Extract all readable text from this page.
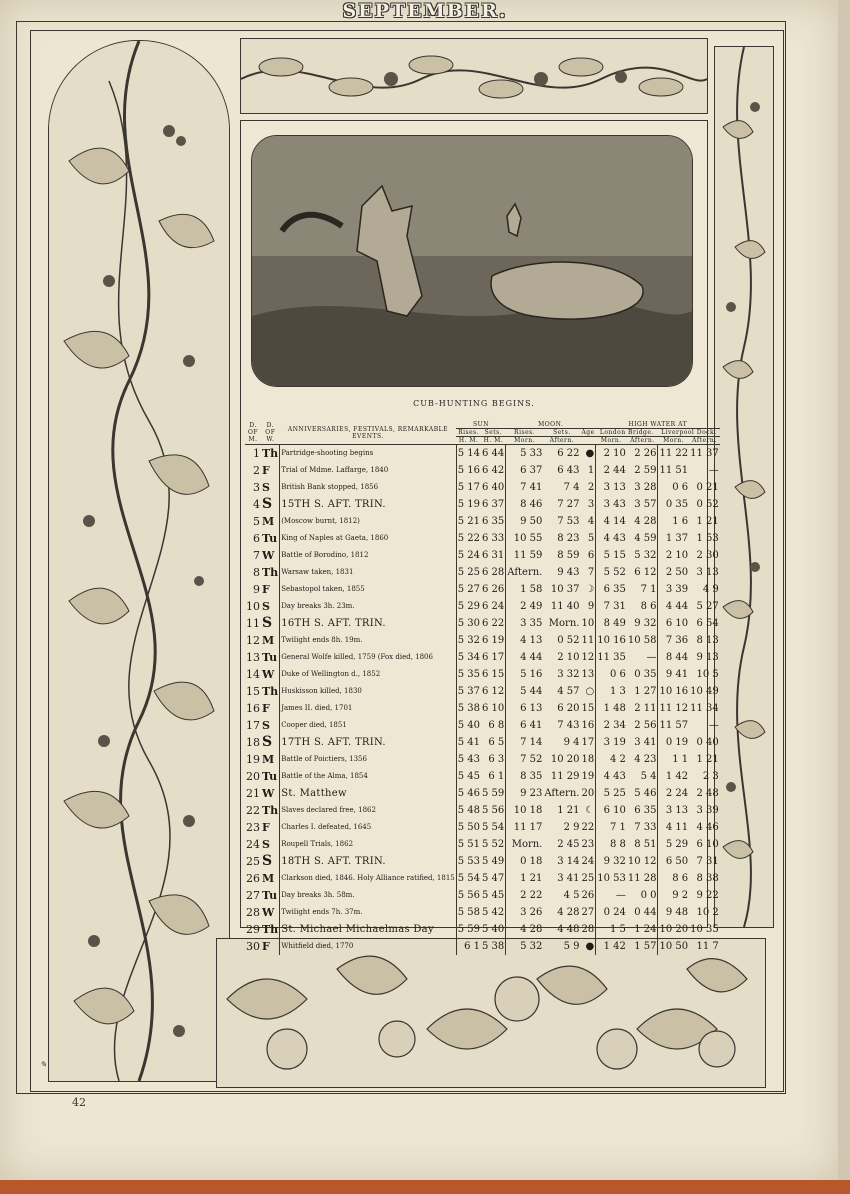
SEPTEMBER.
CUB-HUNTING BEGINS.
D. OF M.	D. OF W.	ANNIVERSARIES, FESTIVALS, REMARKABLE EVENTS.	SUN		MOON.			HIGH WATER AT			
			Rises.	Sets.	Rises.	Sets.	Age	London Bridge.		Liverpool Dock.	
			H. M.	H. M.	Morn.	Aftern.		Morn.	Aftern.	Morn.	Aftern.
1	Th	Partridge-shooting begins	5 14	6 44	5 33	6 22	●	2 10	2 26	11 22	11 37
2	F	Trial of Mdme. Laffarge, 1840	5 16	6 42	6 37	6 43	1	2 44	2 59	11 51	—
3	S	British Bank stopped, 1856	5 17	6 40	7 41	7 4	2	3 13	3 28	0 6	0 21
4	S	15TH S. AFT. TRIN.	5 19	6 37	8 46	7 27	3	3 43	3 57	0 35	0 52
5	M	(Moscow burnt, 1812)	5 21	6 35	9 50	7 53	4	4 14	4 28	1 6	1 21
6	Tu	King of Naples at Gaeta, 1860	5 22	6 33	10 55	8 23	5	4 43	4 59	1 37	1 53
7	W	Battle of Borodino, 1812	5 24	6 31	11 59	8 59	6	5 15	5 32	2 10	2 30
8	Th	Warsaw taken, 1831	5 25	6 28	Aftern.	9 43	7	5 52	6 12	2 50	3 13
9	F	Sebastopol taken, 1855	5 27	6 26	1 58	10 37	☽	6 35	7 1	3 39	4 9
10	S	Day breaks 3h. 23m.	5 29	6 24	2 49	11 40	9	7 31	8 6	4 44	5 27
11	S	16TH S. AFT. TRIN.	5 30	6 22	3 35	Morn.	10	8 49	9 32	6 10	6 54
12	M	Twilight ends 8h. 19m.	5 32	6 19	4 13	0 52	11	10 16	10 58	7 36	8 13
13	Tu	General Wolfe killed, 1759 (Fox died, 1806	5 34	6 17	4 44	2 10	12	11 35	—	8 44	9 13
14	W	Duke of Wellington d., 1852	5 35	6 15	5 16	3 32	13	0 6	0 35	9 41	10 5
15	Th	Huskisson killed, 1830	5 37	6 12	5 44	4 57	○	1 3	1 27	10 16	10 49
16	F	James II. died, 1701	5 38	6 10	6 13	6 20	15	1 48	2 11	11 12	11 34
17	S	Cooper died, 1851	5 40	6 8	6 41	7 43	16	2 34	2 56	11 57	—
18	S	17TH S. AFT. TRIN.	5 41	6 5	7 14	9 4	17	3 19	3 41	0 19	0 40
19	M	Battle of Poictiers, 1356	5 43	6 3	7 52	10 20	18	4 2	4 23	1 1	1 21
20	Tu	Battle of the Alma, 1854	5 45	6 1	8 35	11 29	19	4 43	5 4	1 42	2 3
21	W	St. Matthew	5 46	5 59	9 23	Aftern.	20	5 25	5 46	2 24	2 48
22	Th	Slaves declared free, 1862	5 48	5 56	10 18	1 21	☾	6 10	6 35	3 13	3 39
23	F	Charles I. defeated, 1645	5 50	5 54	11 17	2 9	22	7 1	7 33	4 11	4 46
24	S	Roupell Trials, 1862	5 51	5 52	Morn.	2 45	23	8 8	8 51	5 29	6 10
25	S	18TH S. AFT. TRIN.	5 53	5 49	0 18	3 14	24	9 32	10 12	6 50	7 31
26	M	Clarkson died, 1846. Holy Alliance ratified, 1815	5 54	5 47	1 21	3 41	25	10 53	11 28	8 6	8 38
27	Tu	Day breaks 3h. 58m.	5 56	5 45	2 22	4 5	26	—	0 0	9 2	9 22
28	W	Twilight ends 7h. 37m.	5 58	5 42	3 26	4 28	27	0 24	0 44	9 48	10 2
29	Th	St. Michael Michaelmas Day	5 59	5 40	4 28	4 48	28	1 5	1 24	10 20	10 35
30	F	Whitfield died, 1770	6 1	5 38	5 32	5 9	●	1 42	1 57	10 50	11 7
✎
42
